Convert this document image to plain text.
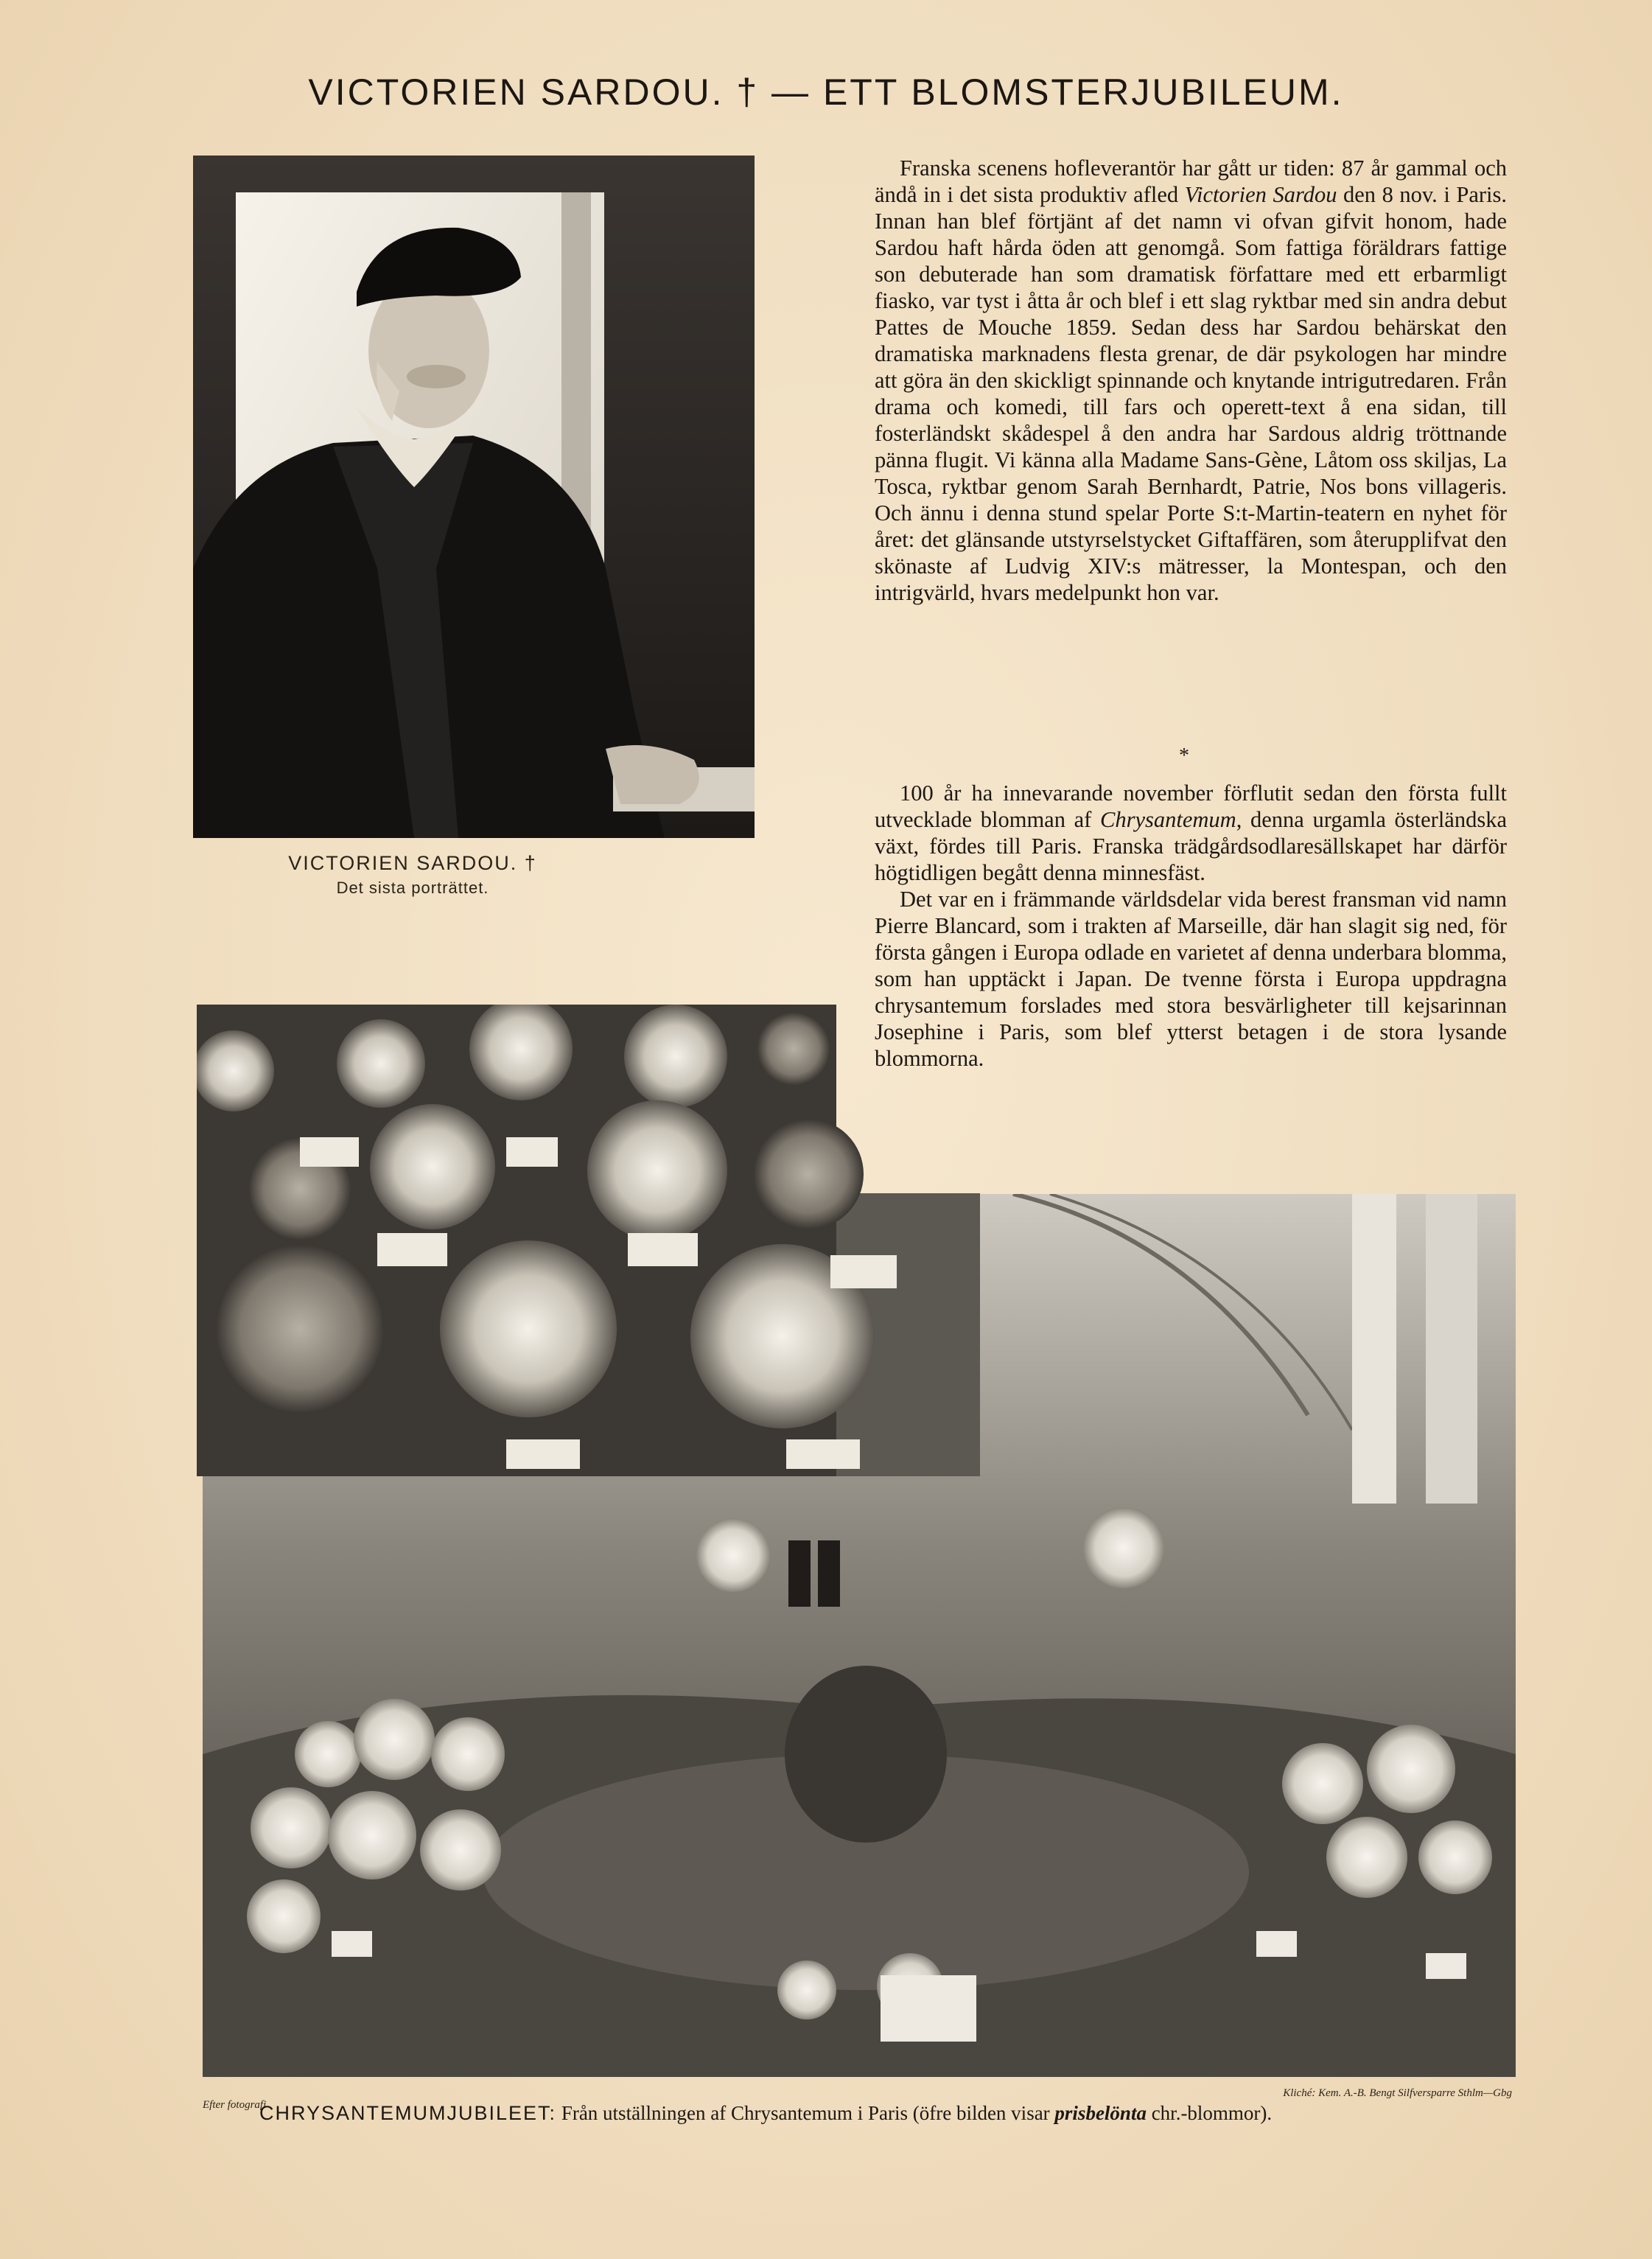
VICTORIEN SARDOU. † — ETT BLOMSTERJUBILEUM.
VICTORIEN SARDOU. †
Det sista porträttet.

Franska scenens hofleverantör har gått ur tiden: 87 år gammal och ändå in i det sista produktiv afled Victorien Sardou den 8 nov. i Paris. Innan han blef förtjänt af det namn vi ofvan gifvit honom, hade Sardou haft hårda öden att genomgå. Som fattiga föräldrars fattige son debuterade han som dramatisk författare med ett erbarmligt fiasko, var tyst i åtta år och blef i ett slag ryktbar med sin andra debut Pattes de Mouche 1859. Sedan dess har Sardou behärskat den dramatiska marknadens flesta grenar, de där psykologen har mindre att göra än den skickligt spinnande och knytande intrigutredaren. Från drama och komedi, till fars och operett-text å ena sidan, till fosterländskt skådespel å den andra har Sardous aldrig tröttnande pänna flugit. Vi känna alla Madame Sans-Gène, Låtom oss skiljas, La Tosca, ryktbar genom Sarah Bernhardt, Patrie, Nos bons villageris. Och ännu i denna stund spelar Porte S:t-Martin-teatern en nyhet för året: det glänsande utstyrselstycket Giftaffären, som återupplifvat den skönaste af Ludvig XIV:s mätresser, la Montespan, och den intrigvärld, hvars medelpunkt hon var.

*

100 år ha innevarande november förflutit sedan den första fullt utvecklade blomman af Chrysantemum, denna urgamla österländska växt, fördes till Paris. Franska trädgårdsodlaresällskapet har därför högtidligen begått denna minnesfäst.

Det var en i främmande världsdelar vida berest fransman vid namn Pierre Blancard, som i trakten af Marseille, där han slagit sig ned, för första gången i Europa odlade en varietet af denna underbara blomma, som han upptäckt i Japan. De tvenne första i Europa uppdragna chrysantemum forslades med stora besvärligheter till kejsarinnan Josephine i Paris, som blef ytterst betagen i de stora lysande blommorna.

Kliché: Kem. A.-B. Bengt Silfversparre Sthlm—Gbg
Efter fotografi
CHRYSANTEMUMJUBILEET: Från utställningen af Chrysantemum i Paris (öfre bilden visar prisbelönta chr.-blommor).
